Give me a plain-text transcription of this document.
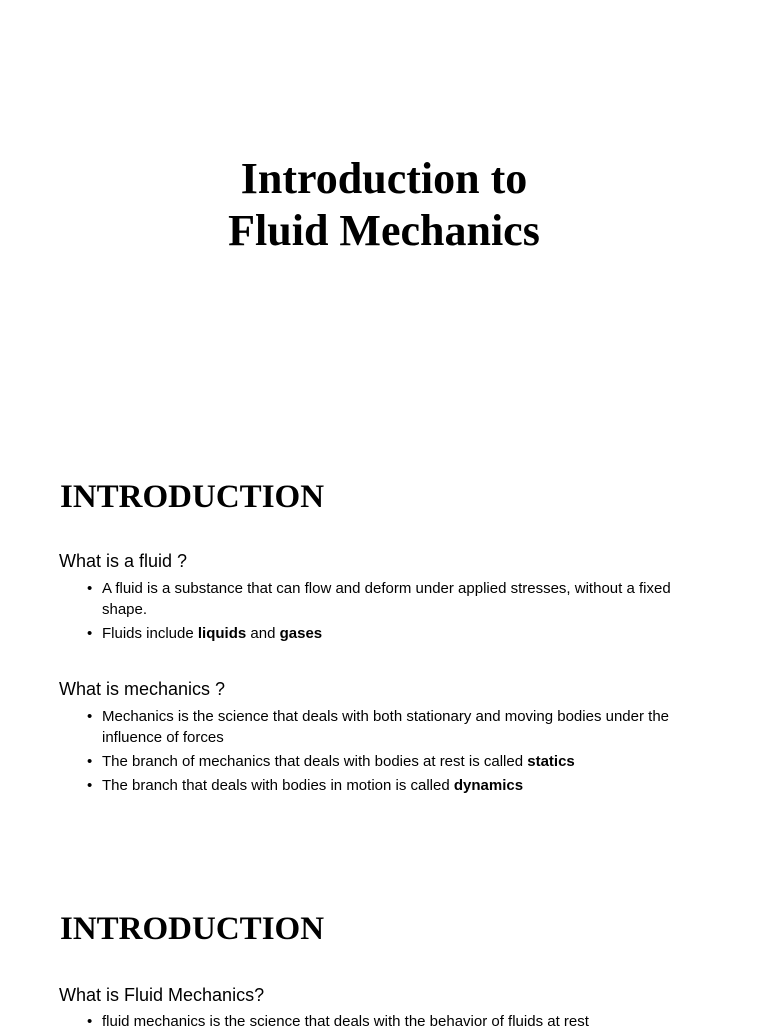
Introduction to
Fluid Mechanics
INTRODUCTION
What is a fluid ?
• A fluid is a substance that can flow and deform under applied stresses, without a fixed shape.
• Fluids include liquids and gases
What is mechanics ?
• Mechanics is the science that deals with both stationary and moving bodies under the influence of forces
• The branch of mechanics that deals with bodies at rest is called statics
• The branch that deals with bodies in motion is called dynamics
INTRODUCTION
What is Fluid Mechanics?
• fluid mechanics is the science that deals with the behavior of fluids at rest
